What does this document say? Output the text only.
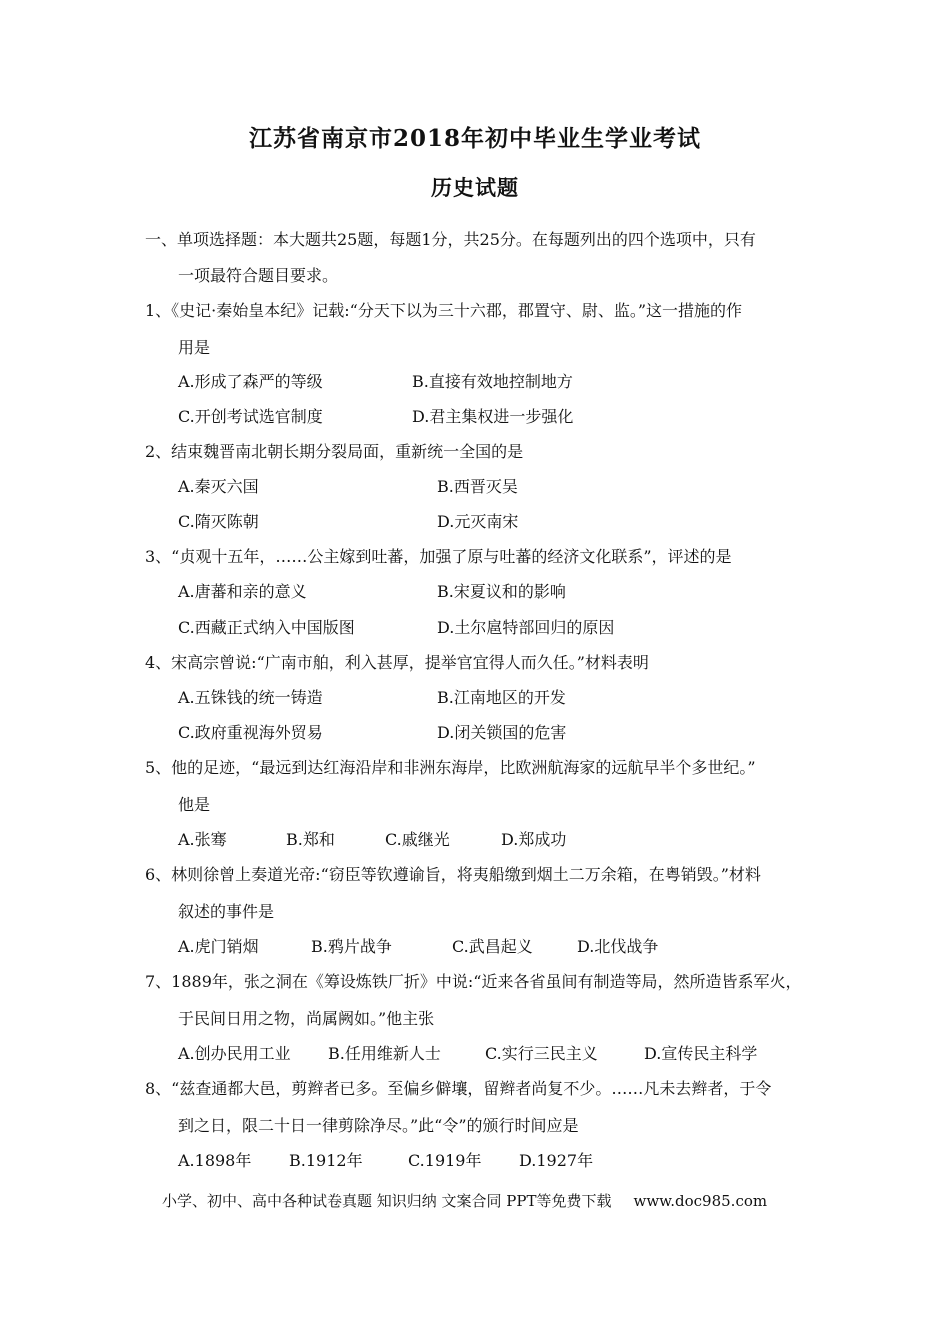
江苏省南京市2018年初中毕业生学业考试
历史试题
一、单项选择题：本大题共25题，每题1分，共25分。在每题列出的四个选项中，只有
一项最符合题目要求。
1、《史记·秦始皇本纪》记载:“分天下以为三十六郡，郡置守、尉、监。”这一措施的作
用是
A.形成了森严的等级	B.直接有效地控制地方
C.开创考试选官制度	D.君主集权进一步强化
2、结束魏晋南北朝长期分裂局面，重新统一全国的是
A.秦灭六国	B.西晋灭吴
C.隋灭陈朝	D.元灭南宋
3、“贞观十五年，……公主嫁到吐蕃，加强了原与吐蕃的经济文化联系”，评述的是
A.唐蕃和亲的意义	B.宋夏议和的影响
C.西藏正式纳入中国版图	D.土尔扈特部回归的原因
4、宋高宗曾说:“广南市舶，利入甚厚，提举官宜得人而久任。”材料表明
A.五铢钱的统一铸造	B.江南地区的开发
C.政府重视海外贸易	D.闭关锁国的危害
5、他的足迹，“最远到达红海沿岸和非洲东海岸，比欧洲航海家的远航早半个多世纪。”
他是
A.张骞	B.郑和	C.戚继光	D.郑成功
6、林则徐曾上奏道光帝:“窃臣等钦遵谕旨，将夷船缴到烟土二万余箱，在粤销毁。”材料
叙述的事件是
A.虎门销烟	B.鸦片战争	C.武昌起义	D.北伐战争
7、1889年，张之洞在《筹设炼铁厂折》中说:“近来各省虽间有制造等局，然所造皆系军火，
于民间日用之物，尚属阙如。”他主张
A.创办民用工业 B.任用维新人士	C.实行三民主义	D.宣传民主科学
8、“兹查通都大邑，剪辫者已多。至偏乡僻壤，留辫者尚复不少。……凡未去辫者，于令
到之日，限二十日一律剪除净尽。”此“令”的颁行时间应是
A.1898年 B.1912年	C.1919年 D.1927年
小学、初中、高中各种试卷真题 知识归纳 文案合同 PPT等免费下载 www.doc985.com
